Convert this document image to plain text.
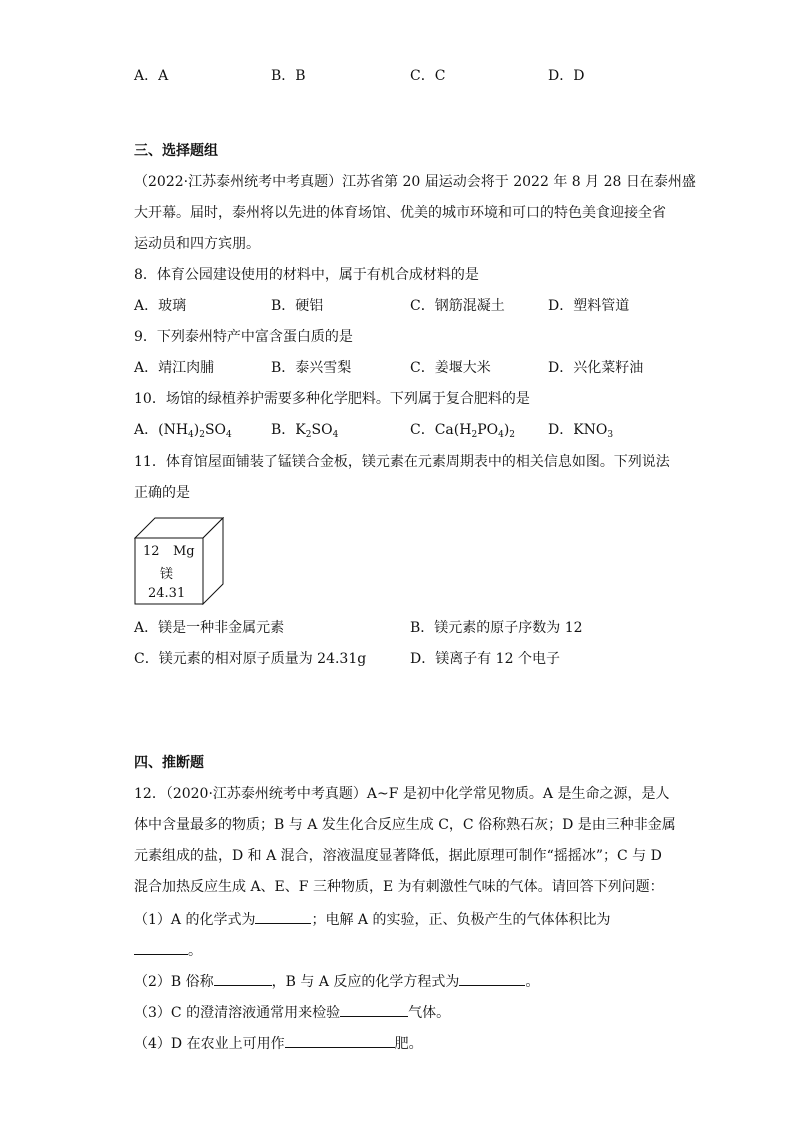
A．A	B．B	C．C	D．D
三、选择题组
（2022·江苏泰州统考中考真题）江苏省第 20 届运动会将于 2022 年 8 月 28 日在泰州盛
大开幕。届时，泰州将以先进的体育场馆、优美的城市环境和可口的特色美食迎接全省
运动员和四方宾朋。
8．体育公园建设使用的材料中，属于有机合成材料的是
A．玻璃	B．硬铝	C．钢筋混凝土	D．塑料管道
9．下列泰州特产中富含蛋白质的是
A．靖江肉脯	B．泰兴雪梨	C．姜堰大米	D．兴化菜籽油
10．场馆的绿植养护需要多种化学肥料。下列属于复合肥料的是
A．$(NH_4)_2SO_4$	B．$K_2SO_4$	C．$Ca(H_2PO_4)_2$ D．$KNO_3$
11．体育馆屋面铺装了锰镁合金板，镁元素在元素周期表中的相关信息如图。下列说法
正确的是
12 Mg
镁
24.31
A．镁是一种非金属元素	B．镁元素的原子序数为 12
C．镁元素的相对原子质量为 24.31g	D．镁离子有 12 个电子
四、推断题
12．（2020·江苏泰州统考中考真题）A~F 是初中化学常见物质。A 是生命之源，是人
体中含量最多的物质；B 与 A 发生化合反应生成 C，C 俗称熟石灰；D 是由三种非金属
元素组成的盐，D 和 A 混合，溶液温度显著降低，据此原理可制作“摇摇冰”；C 与 D
混合加热反应生成 A、E、F 三种物质，E 为有刺激性气味的气体。请回答下列问题：
（1）A 的化学式为	；电解 A 的实验，正、负极产生的气体体积比为
。
（2）B 俗称	，B 与 A 反应的化学方程式为	。
（3）C 的澄清溶液通常用来检验	气体。
（4）D 在农业上可用作	肥。
